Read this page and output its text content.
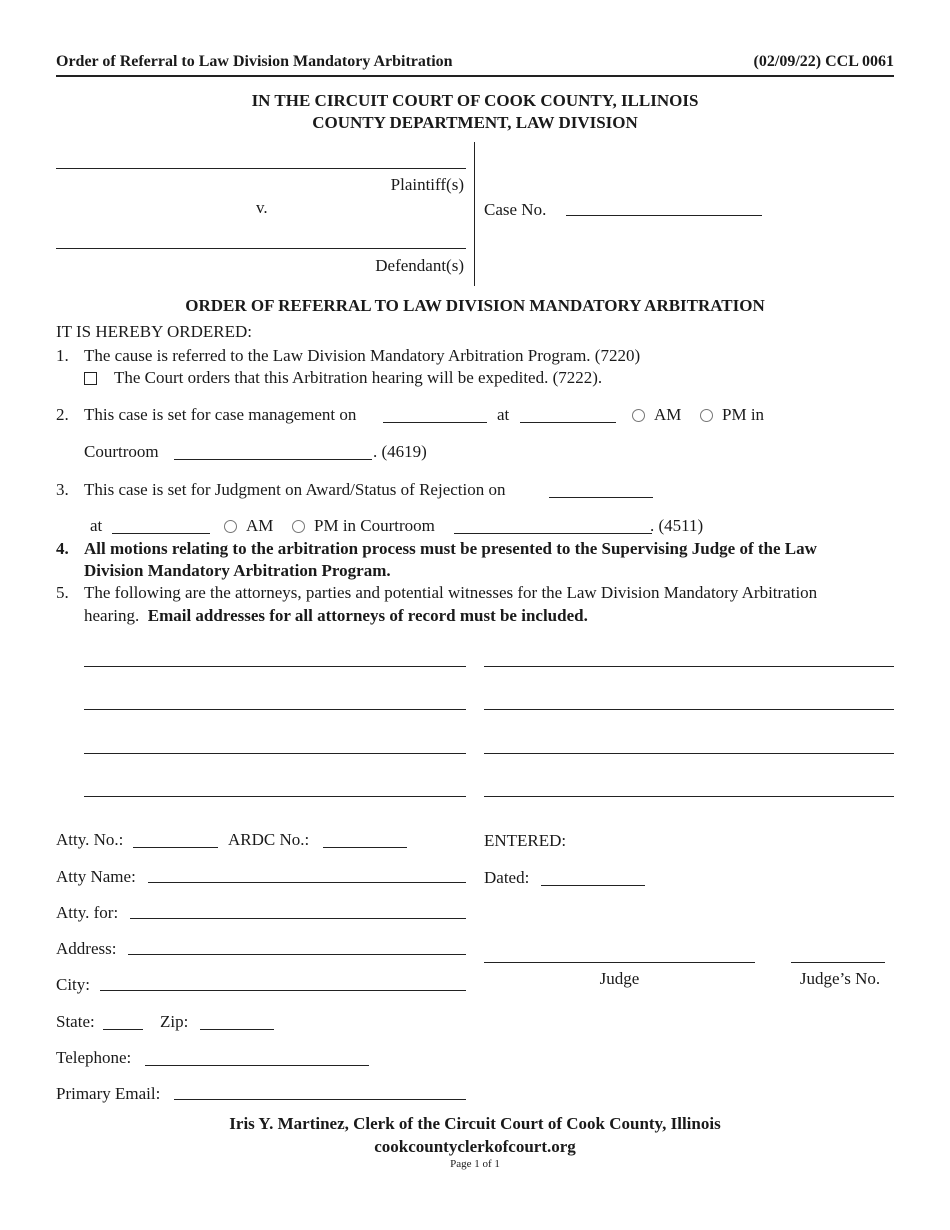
Order of Referral to Law Division Mandatory Arbitration	(02/09/22) CCL 0061
IN THE CIRCUIT COURT OF COOK COUNTY, ILLINOIS
COUNTY DEPARTMENT, LAW DIVISION
Plaintiff(s)
v.
Defendant(s)
Case No.
ORDER OF REFERRAL TO LAW DIVISION MANDATORY ARBITRATION
IT IS HEREBY ORDERED:
1. The cause is referred to the Law Division Mandatory Arbitration Program. (7220)
The Court orders that this Arbitration hearing will be expedited. (7222).
2. This case is set for case management on	at	AM PM in
Courtroom	. (4619)
3. This case is set for Judgment on Award/Status of Rejection on
at	AM PM in Courtroom	. (4511)
4. All motions relating to the arbitration process must be presented to the Supervising Judge of the Law
Division Mandatory Arbitration Program.
5. The following are the attorneys, parties and potential witnesses for the Law Division Mandatory Arbitration
hearing. Email addresses for all attorneys of record must be included.
Atty. No.:	ARDC No.:
Atty Name:
Atty. for:
Address:
City:
State:	Zip:
Telephone:
Primary Email:
ENTERED:
Dated:
Judge	Judge’s No.
Iris Y. Martinez, Clerk of the Circuit Court of Cook County, Illinois
cookcountyclerkofcourt.org
Page 1 of 1
